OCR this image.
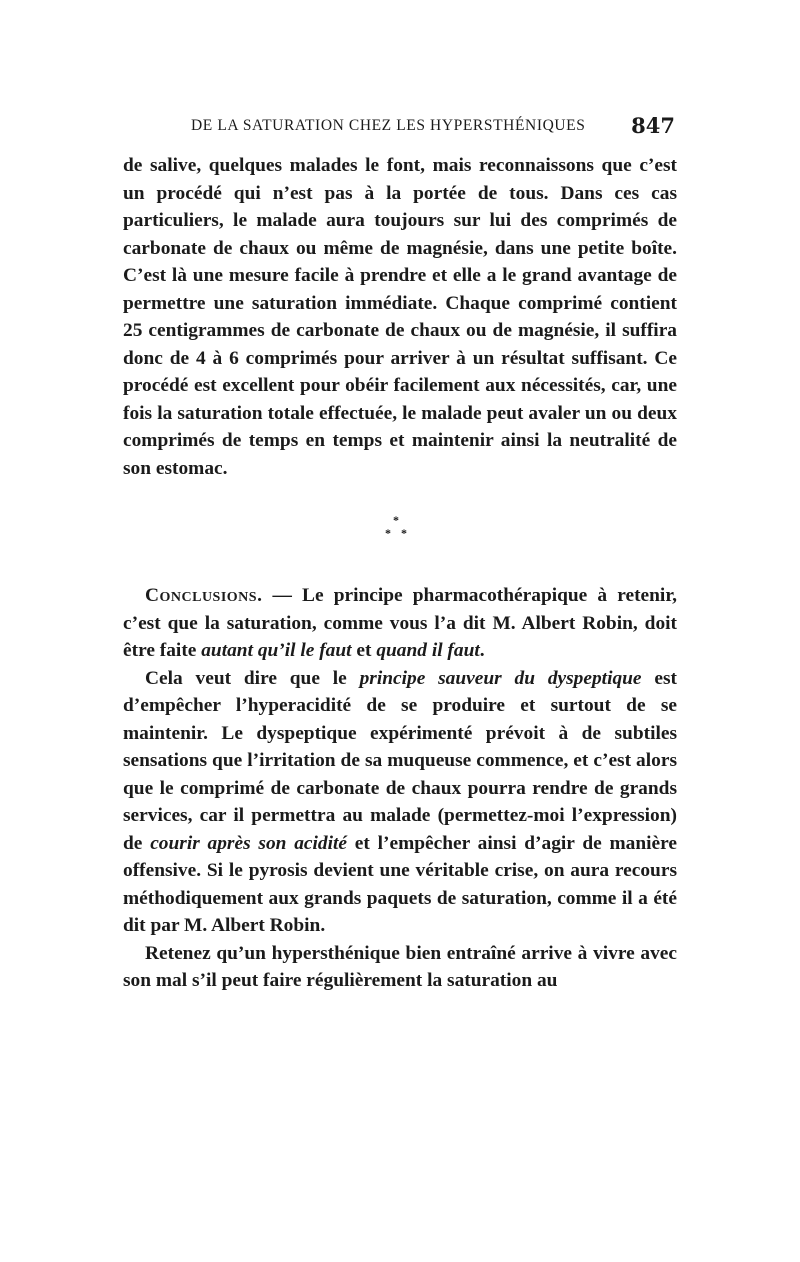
DE LA SATURATION CHEZ LES HYPERSTHÉNIQUES 847

de salive, quelques malades le font, mais reconnaissons que c’est un procédé qui n’est pas à la portée de tous. Dans ces cas particuliers, le malade aura toujours sur lui des comprimés de carbonate de chaux ou même de magnésie, dans une petite boîte. C’est là une mesure facile à prendre et elle a le grand avantage de permettre une saturation immédiate. Chaque comprimé contient 25 centigrammes de carbonate de chaux ou de magnésie, il suffira donc de 4 à 6 comprimés pour arriver à un résultat suffisant. Ce procédé est excellent pour obéir facilement aux nécessités, car, une fois la saturation totale effectuée, le malade peut avaler un ou deux comprimés de temps en temps et maintenir ainsi la neutralité de son estomac.

*
* *

Conclusions. — Le principe pharmacothérapique à retenir, c’est que la saturation, comme vous l’a dit M. Albert Robin, doit être faite autant qu’il le faut et quand il faut.

Cela veut dire que le principe sauveur du dyspeptique est d’empêcher l’hyperacidité de se produire et surtout de se maintenir. Le dyspeptique expérimenté prévoit à de subtiles sensations que l’irritation de sa muqueuse commence, et c’est alors que le comprimé de carbonate de chaux pourra rendre de grands services, car il permettra au malade (permettez-moi l’expression) de courir après son acidité et l’empêcher ainsi d’agir de manière offensive. Si le pyrosis devient une véritable crise, on aura recours méthodiquement aux grands paquets de saturation, comme il a été dit par M. Albert Robin.

Retenez qu’un hypersthénique bien entraîné arrive à vivre avec son mal s’il peut faire régulièrement la saturation au
